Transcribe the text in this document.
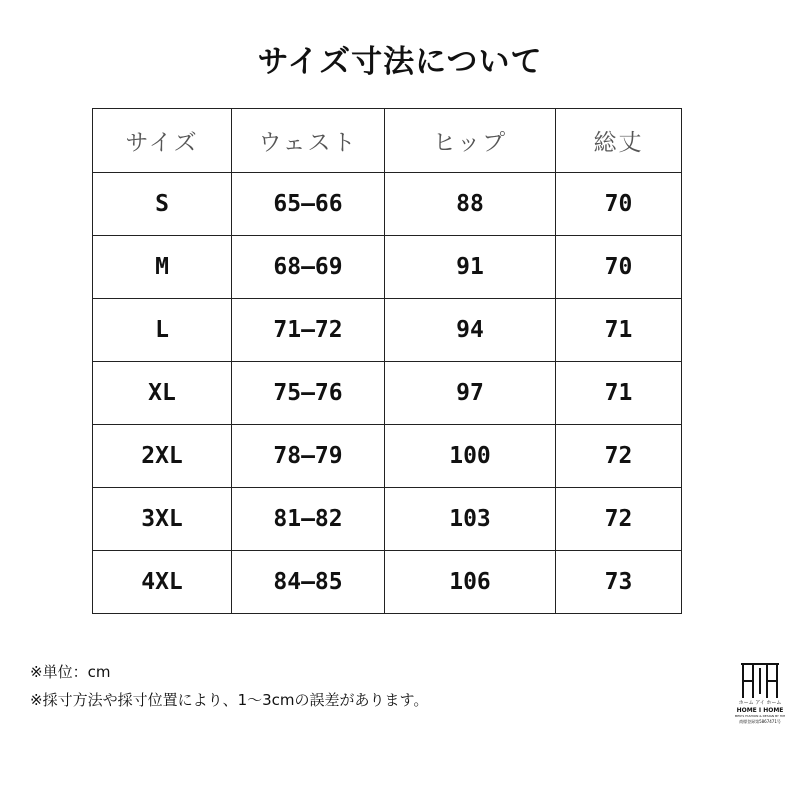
サイズ寸法について
サイズ	ウェスト	ヒップ	総丈
S	65–66	88	70
M	68–69	91	70
L	71–72	94	71
XL	75–76	97	71
2XL	78–79	100	72
3XL	81–82	103	72
4XL	84–85	106	73
※単位：cm
※採寸方法や採寸位置により、1～3cmの誤差があります。	ホーム アイ ホーム
HOME I HOME
MEN'S FASHION & DESIGN BY HIH
商標登録第5867471号
